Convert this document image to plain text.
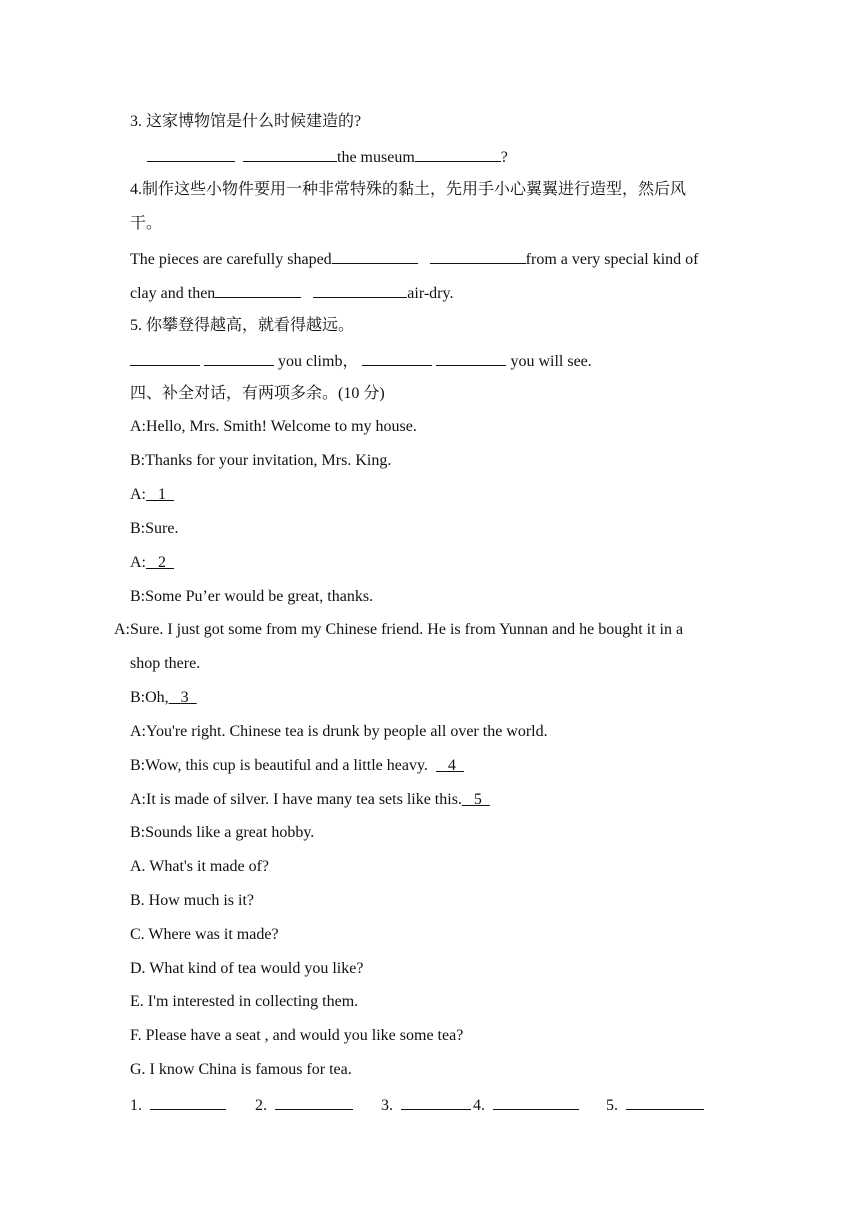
3. 这家博物馆是什么时候建造的?
the museum	?
4.制作这些小物件要用一种非常特殊的黏土，先用手小心翼翼进行造型，然后风
干。
The pieces are carefully shaped	from a very special kind of
clay and then	air-dry.
5. 你攀登得越高，就看得越远。
you climb，	you will see.
四、补全对话，有两项多余。(10 分)
A:Hello, Mrs. Smith! Welcome to my house.
B:Thanks for your invitation, Mrs. King.
A: 1
B:Sure.
A: 2
B:Some Pu’er would be great, thanks.
A:Sure. I just got some from my Chinese friend. He is from Yunnan and he bought it in a
shop there.
B:Oh, 3
A:You're right. Chinese tea is drunk by people all over the world.
B:Wow, this cup is beautiful and a little heavy. 4
A:It is made of silver. I have many tea sets like this. 5
B:Sounds like a great hobby.
A. What's it made of?
B. How much is it?
C. Where was it made?
D. What kind of tea would you like?
E. I'm interested in collecting them.
F. Please have a seat , and would you like some tea?
G. I know China is famous for tea.
1.	2.	3.	4.	5.
